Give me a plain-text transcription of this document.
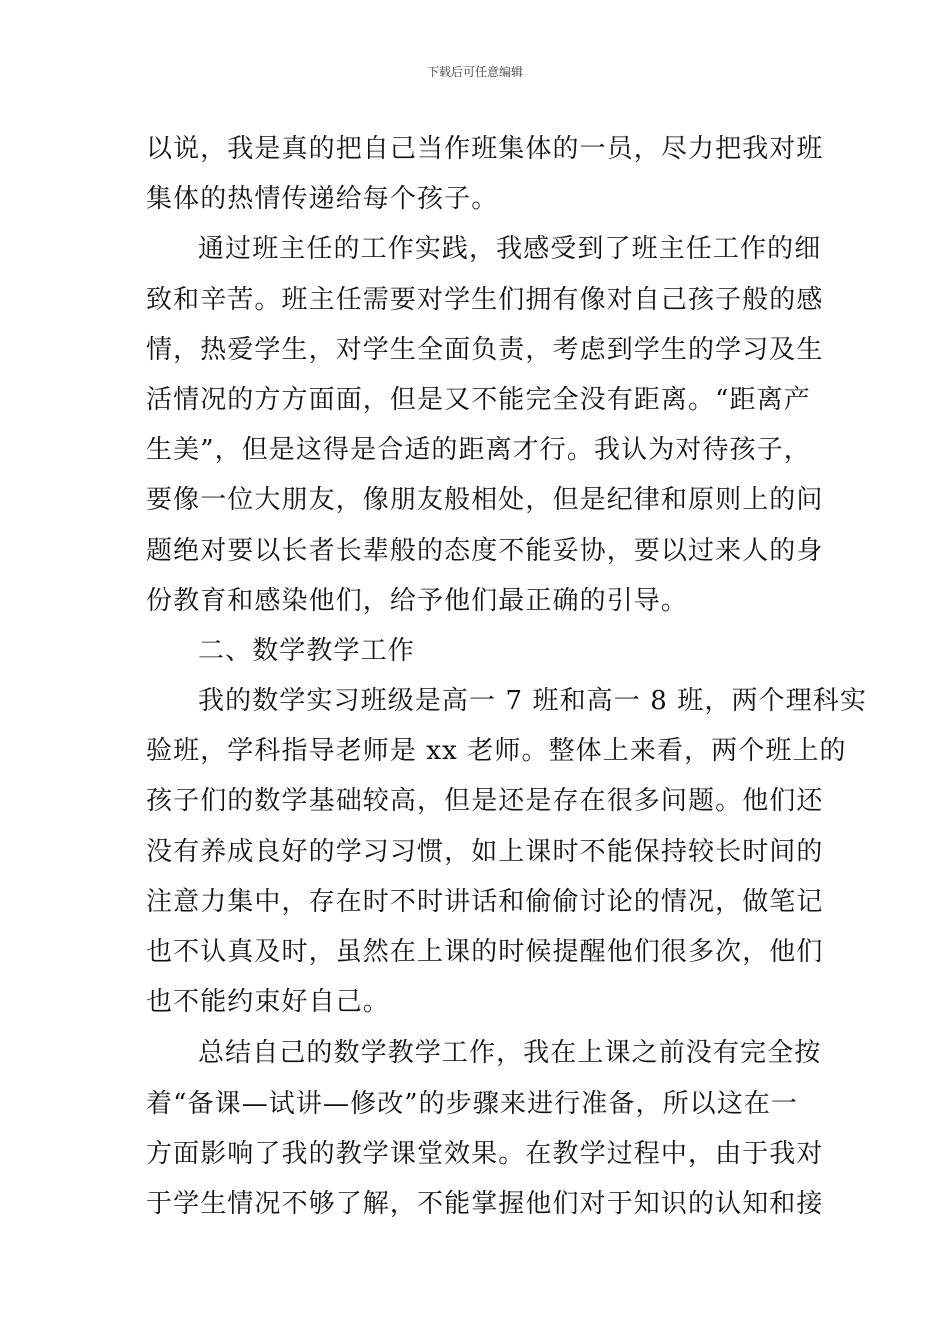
下载后可任意编辑
以说，我是真的把自己当作班集体的一员，尽力把我对班
集体的热情传递给每个孩子。
通过班主任的工作实践，我感受到了班主任工作的细
致和辛苦。班主任需要对学生们拥有像对自己孩子般的感
情，热爱学生，对学生全面负责，考虑到学生的学习及生
活情况的方方面面，但是又不能完全没有距离。“距离产
生美”，但是这得是合适的距离才行。我认为对待孩子，
要像一位大朋友，像朋友般相处，但是纪律和原则上的问
题绝对要以长者长辈般的态度不能妥协，要以过来人的身
份教育和感染他们，给予他们最正确的引导。
二、数学教学工作
我的数学实习班级是高一 7 班和高一 8 班，两个理科实
验班，学科指导老师是 xx 老师。整体上来看，两个班上的
孩子们的数学基础较高，但是还是存在很多问题。他们还
没有养成良好的学习习惯，如上课时不能保持较长时间的
注意力集中，存在时不时讲话和偷偷讨论的情况，做笔记
也不认真及时，虽然在上课的时候提醒他们很多次，他们
也不能约束好自己。
总结自己的数学教学工作，我在上课之前没有完全按
着“备课—试讲—修改”的步骤来进行准备，所以这在一
方面影响了我的教学课堂效果。在教学过程中，由于我对
于学生情况不够了解，不能掌握他们对于知识的认知和接
